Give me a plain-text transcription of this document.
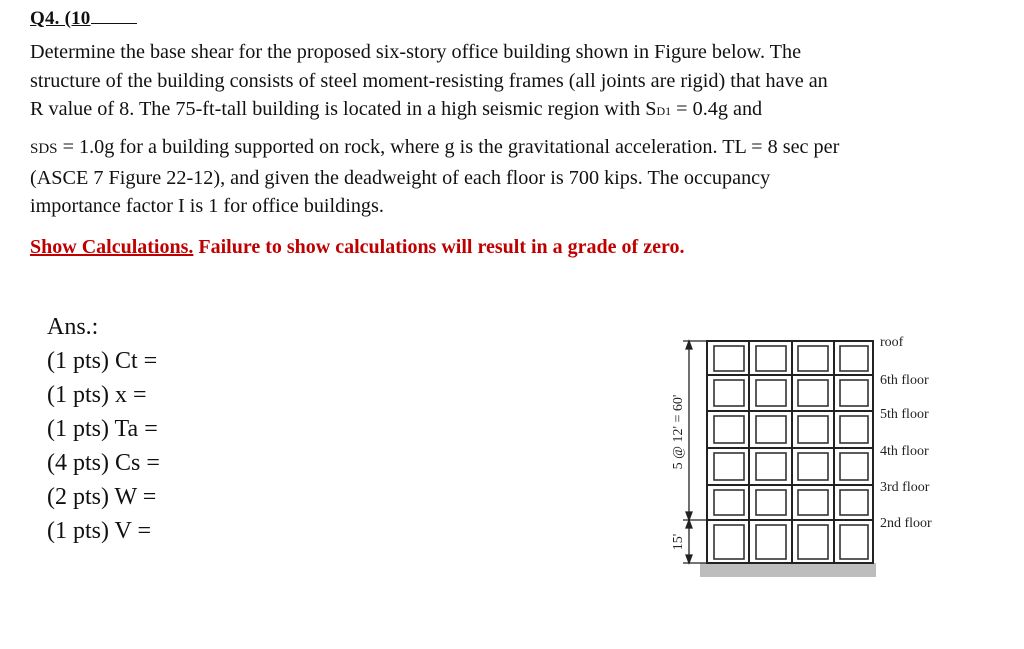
Q4. (10
Determine the base shear for the proposed six-story office building shown in Figure below. The
structure of the building consists of steel moment-resisting frames (all joints are rigid) that have an
R value of 8. The 75-ft-tall building is located in a high seismic region with SD1 = 0.4g and
SDS = 1.0g for a building supported on rock, where g is the gravitational acceleration. TL = 8 sec per
(ASCE 7 Figure 22-12), and given the deadweight of each floor is 700 kips. The occupancy
importance factor I is 1 for office buildings.
Show Calculations. Failure to show calculations will result in a grade of zero.
Ans.:
(1 pts) Ct =
(1 pts) x =
(1 pts) Ta =
(4 pts) Cs =
(2 pts) W =
(1 pts) V =
5 @ 12' = 60'
15'
roof
6th floor
5th floor
4th floor
3rd floor
2nd floor
